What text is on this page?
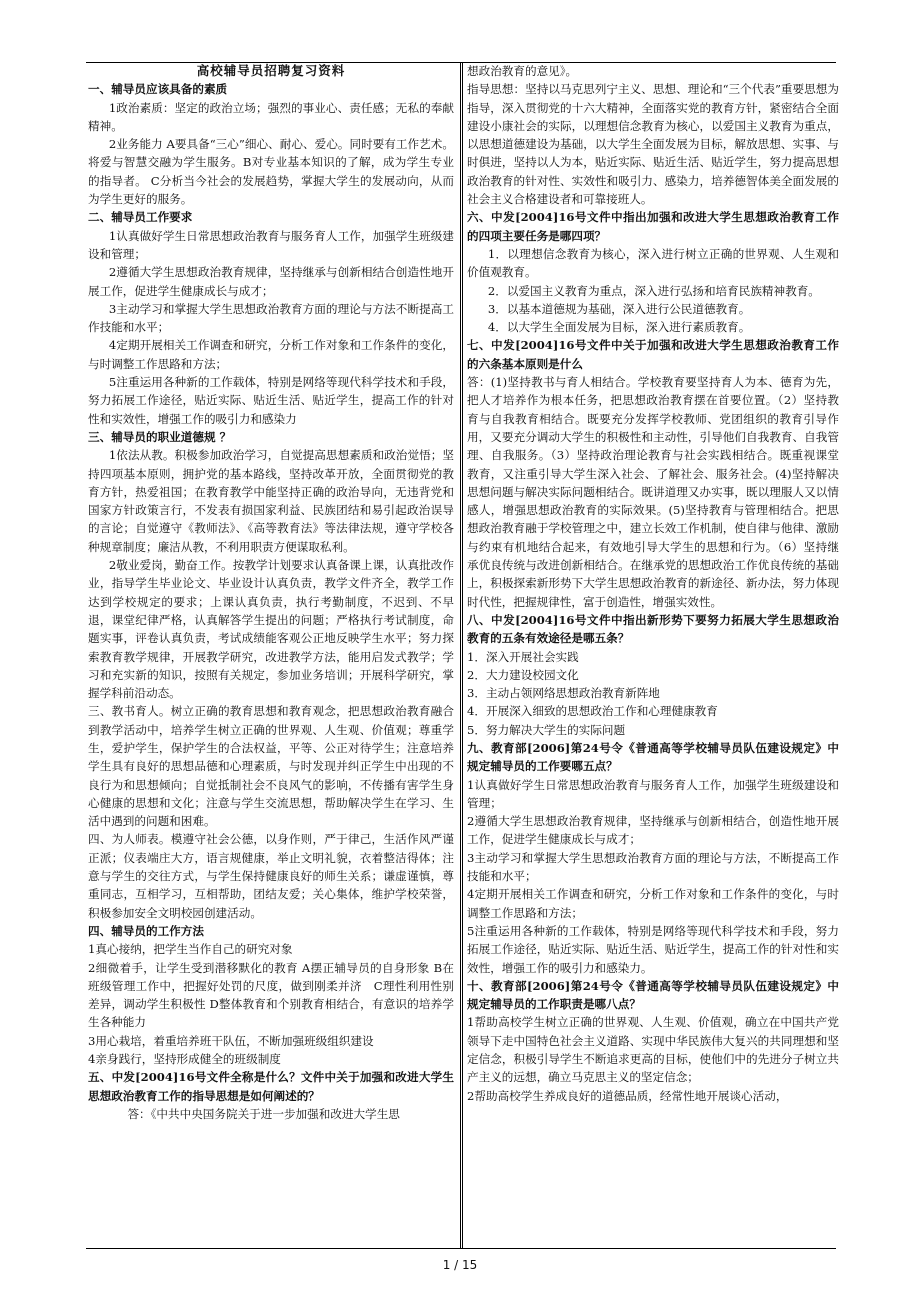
高校辅导员招聘复习资料

一、辅导员应该具备的素质

1政治素质：坚定的政治立场；强烈的事业心、责任感；无私的奉献精神。

2业务能力 A要具备“三心”细心、耐心、爱心。同时要有工作艺术。将爱与智慧交融为学生服务。B对专业基本知识的了解，成为学生专业的指导者。 C分析当今社会的发展趋势，掌握大学生的发展动向，从而为学生更好的服务。

二、辅导员工作要求

1认真做好学生日常思想政治教育与服务育人工作，加强学生班级建设和管理；

2遵循大学生思想政治教育规律，坚持继承与创新相结合创造性地开展工作，促进学生健康成长与成才；

3主动学习和掌握大学生思想政治教育方面的理论与方法不断提高工作技能和水平；

4定期开展相关工作调查和研究，分析工作对象和工作条件的变化，与时调整工作思路和方法；

5注重运用各种新的工作载体，特别是网络等现代科学技术和手段，努力拓展工作途径，贴近实际、贴近生活、贴近学生，提高工作的针对性和实效性，增强工作的吸引力和感染力

三、辅导员的职业道德规 ？

1依法从教。积极参加政治学习，自觉提高思想素质和政治觉悟；坚持四项基本原则，拥护党的基本路线，坚持改革开放，全面贯彻党的教育方针，热爱祖国；在教育教学中能坚持正确的政治导向，无违背党和国家方针政策言行，不发表有损国家利益、民族团结和易引起政治误导的言论；自觉遵守《教师法》、《高等教育法》等法律法规，遵守学校各种规章制度；廉洁从教，不利用职责方便谋取私利。

2敬业爱岗，勤奋工作。按教学计划要求认真备课上课，认真批改作业，指导学生毕业论文、毕业设计认真负责，教学文件齐全，教学工作达到学校规定的要求；上课认真负责，执行考勤制度，不迟到、不早退，课堂纪律严格，认真解答学生提出的问题；严格执行考试制度，命题实事，评卷认真负责，考试成绩能客观公正地反映学生水平；努力探索教育教学规律，开展教学研究，改进教学方法，能用启发式教学；学习和充实新的知识，按照有关规定，参加业务培训；开展科学研究，掌握学科前沿动态。

三、教书育人。树立正确的教育思想和教育观念，把思想政治教育融合到教学活动中，培养学生树立正确的世界观、人生观、价值观；尊重学生，爱护学生，保护学生的合法权益，平等、公正对待学生；注意培养学生具有良好的思想品德和心理素质，与时发现并纠正学生中出现的不良行为和思想倾向；自觉抵制社会不良风气的影响，不传播有害学生身心健康的思想和文化；注意与学生交流思想，帮助解决学生在学习、生活中遇到的问题和困难。

四、为人师表。模遵守社会公德，以身作则，严于律己，生活作风严谨正派；仪表端庄大方，语言规健康，举止文明礼貌，衣着整洁得体；注意与学生的交往方式，与学生保持健康良好的师生关系；谦虚谨慎，尊重同志，互相学习，互相帮助，团结友爱；关心集体，维护学校荣誉，积极参加安全文明校园创建活动。

四、辅导员的工作方法

1真心接纳，把学生当作自己的研究对象

2细微着手，让学生受到潜移默化的教育 A摆正辅导员的自身形象 B在班级管理工作中，把握好处罚的尺度，做到刚柔并济　C理性利用性别差异，调动学生积极性 D整体教育和个别教育相结合，有意识的培养学生各种能力

3用心栽培，着重培养班干队伍，不断加强班级组织建设

4亲身践行，坚持形成健全的班级制度

五、中发[2004]16号文件全称是什么？文件中关于加强和改进大学生思想政治教育工作的指导思想是如何阐述的？

答：《中共中央国务院关于进一步加强和改进大学生思

想政治教育的意见》。

指导思想：坚持以马克思列宁主义、思想、理论和“三个代表”重要思想为指导，深入贯彻党的十六大精神，全面落实党的教育方针，紧密结合全面建设小康社会的实际，以理想信念教育为核心，以爱国主义教育为重点，以思想道德建设为基础，以大学生全面发展为目标，解放思想、实事、与时俱进，坚持以人为本，贴近实际、贴近生活、贴近学生，努力提高思想政治教育的针对性、实效性和吸引力、感染力，培养德智体美全面发展的社会主义合格建设者和可靠接班人。

六、中发[2004]16号文件中指出加强和改进大学生思想政治教育工作的四项主要任务是哪四项？

1．以理想信念教育为核心，深入进行树立正确的世界观、人生观和价值观教育。

2．以爱国主义教育为重点，深入进行弘扬和培育民族精神教育。

3．以基本道德规为基础，深入进行公民道德教育。

4．以大学生全面发展为目标，深入进行素质教育。

七、中发[2004]16号文件中关于加强和改进大学生思想政治教育工作的六条基本原则是什么

答：(1)坚持教书与育人相结合。学校教育要坚持育人为本、德育为先，把人才培养作为根本任务，把思想政治教育摆在首要位置。（2）坚持教育与自我教育相结合。既要充分发挥学校教师、党团组织的教育引导作用，又要充分调动大学生的积极性和主动性，引导他们自我教育、自我管理、自我服务。（3）坚持政治理论教育与社会实践相结合。既重视课堂教育，又注重引导大学生深入社会、了解社会、服务社会。(4)坚持解决思想问题与解决实际问题相结合。既讲道理又办实事，既以理服人又以情感人，增强思想政治教育的实际效果。(5)坚持教育与管理相结合。把思想政治教育融于学校管理之中，建立长效工作机制，使自律与他律、激励与约束有机地结合起来，有效地引导大学生的思想和行为。（6）坚持继承优良传统与改进创新相结合。在继承党的思想政治工作优良传统的基础上，积极探索新形势下大学生思想政治教育的新途径、新办法，努力体现时代性，把握规律性，富于创造性，增强实效性。

八、中发[2004]16号文件中指出新形势下要努力拓展大学生思想政治教育的五条有效途径是哪五条？

1．深入开展社会实践

2．大力建设校园文化

3．主动占领网络思想政治教育新阵地

4．开展深入细致的思想政治工作和心理健康教育

5．努力解决大学生的实际问题

九、教育部[2006]第24号令《普通高等学校辅导员队伍建设规定》中规定辅导员的工作要哪五点？

1认真做好学生日常思想政治教育与服务育人工作，加强学生班级建设和管理；

2遵循大学生思想政治教育规律，坚持继承与创新相结合，创造性地开展工作，促进学生健康成长与成才；

3主动学习和掌握大学生思想政治教育方面的理论与方法，不断提高工作技能和水平；

4定期开展相关工作调查和研究，分析工作对象和工作条件的变化，与时调整工作思路和方法；

5注重运用各种新的工作载体，特别是网络等现代科学技术和手段，努力拓展工作途径，贴近实际、贴近生活、贴近学生，提高工作的针对性和实效性，增强工作的吸引力和感染力。

十、教育部[2006]第24号令《普通高等学校辅导员队伍建设规定》中规定辅导员的工作职责是哪八点？

1帮助高校学生树立正确的世界观、人生观、价值观，确立在中国共产党领导下走中国特色社会主义道路、实现中华民族伟大复兴的共同理想和坚定信念，积极引导学生不断追求更高的目标，使他们中的先进分子树立共产主义的远想，确立马克思主义的坚定信念；

2帮助高校学生养成良好的道德品质，经常性地开展谈心活动，

1 / 15
